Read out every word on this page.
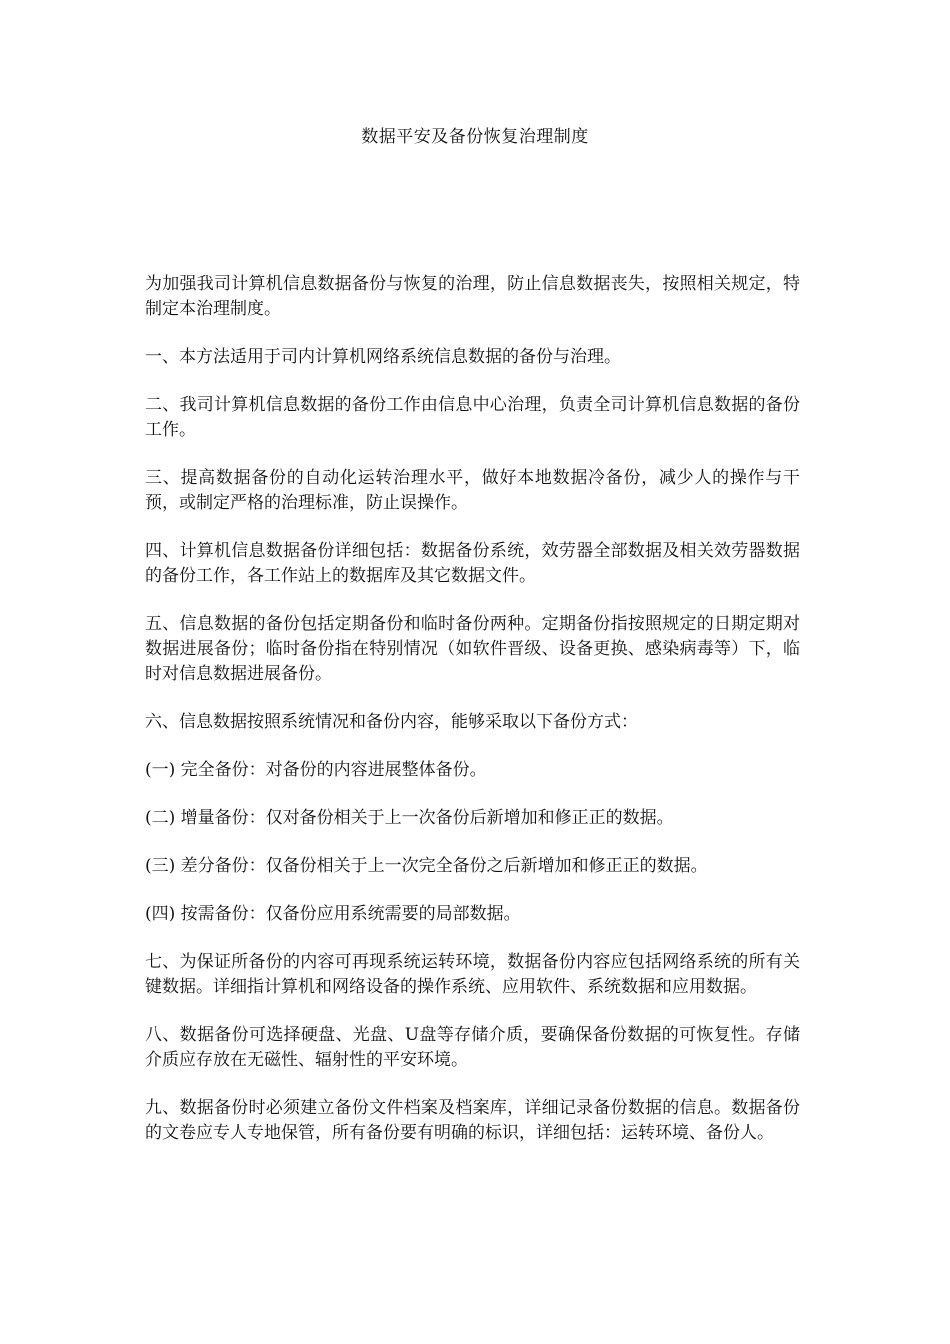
数据平安及备份恢复治理制度

为加强我司计算机信息数据备份与恢复的治理，防止信息数据丧失，按照相关规定，特制定本治理制度。

一、本方法适用于司内计算机网络系统信息数据的备份与治理。

二、我司计算机信息数据的备份工作由信息中心治理，负责全司计算机信息数据的备份工作。

三、提高数据备份的自动化运转治理水平，做好本地数据冷备份，减少人的操作与干预，或制定严格的治理标准，防止误操作。

四、计算机信息数据备份详细包括：数据备份系统，效劳器全部数据及相关效劳器数据的备份工作，各工作站上的数据库及其它数据文件。

五、信息数据的备份包括定期备份和临时备份两种。定期备份指按照规定的日期定期对数据进展备份；临时备份指在特别情况（如软件晋级、设备更换、感染病毒等）下，临时对信息数据进展备份。

六、信息数据按照系统情况和备份内容，能够采取以下备份方式：

(一) 完全备份：对备份的内容进展整体备份。

(二) 增量备份：仅对备份相关于上一次备份后新增加和修正正的数据。

(三) 差分备份：仅备份相关于上一次完全备份之后新增加和修正正的数据。

(四) 按需备份：仅备份应用系统需要的局部数据。

七、为保证所备份的内容可再现系统运转环境，数据备份内容应包括网络系统的所有关键数据。详细指计算机和网络设备的操作系统、应用软件、系统数据和应用数据。

八、数据备份可选择硬盘、光盘、U盘等存储介质，要确保备份数据的可恢复性。存储介质应存放在无磁性、辐射性的平安环境。

九、数据备份时必须建立备份文件档案及档案库，详细记录备份数据的信息。数据备份的文卷应专人专地保管，所有备份要有明确的标识，详细包括：运转环境、备份人。
